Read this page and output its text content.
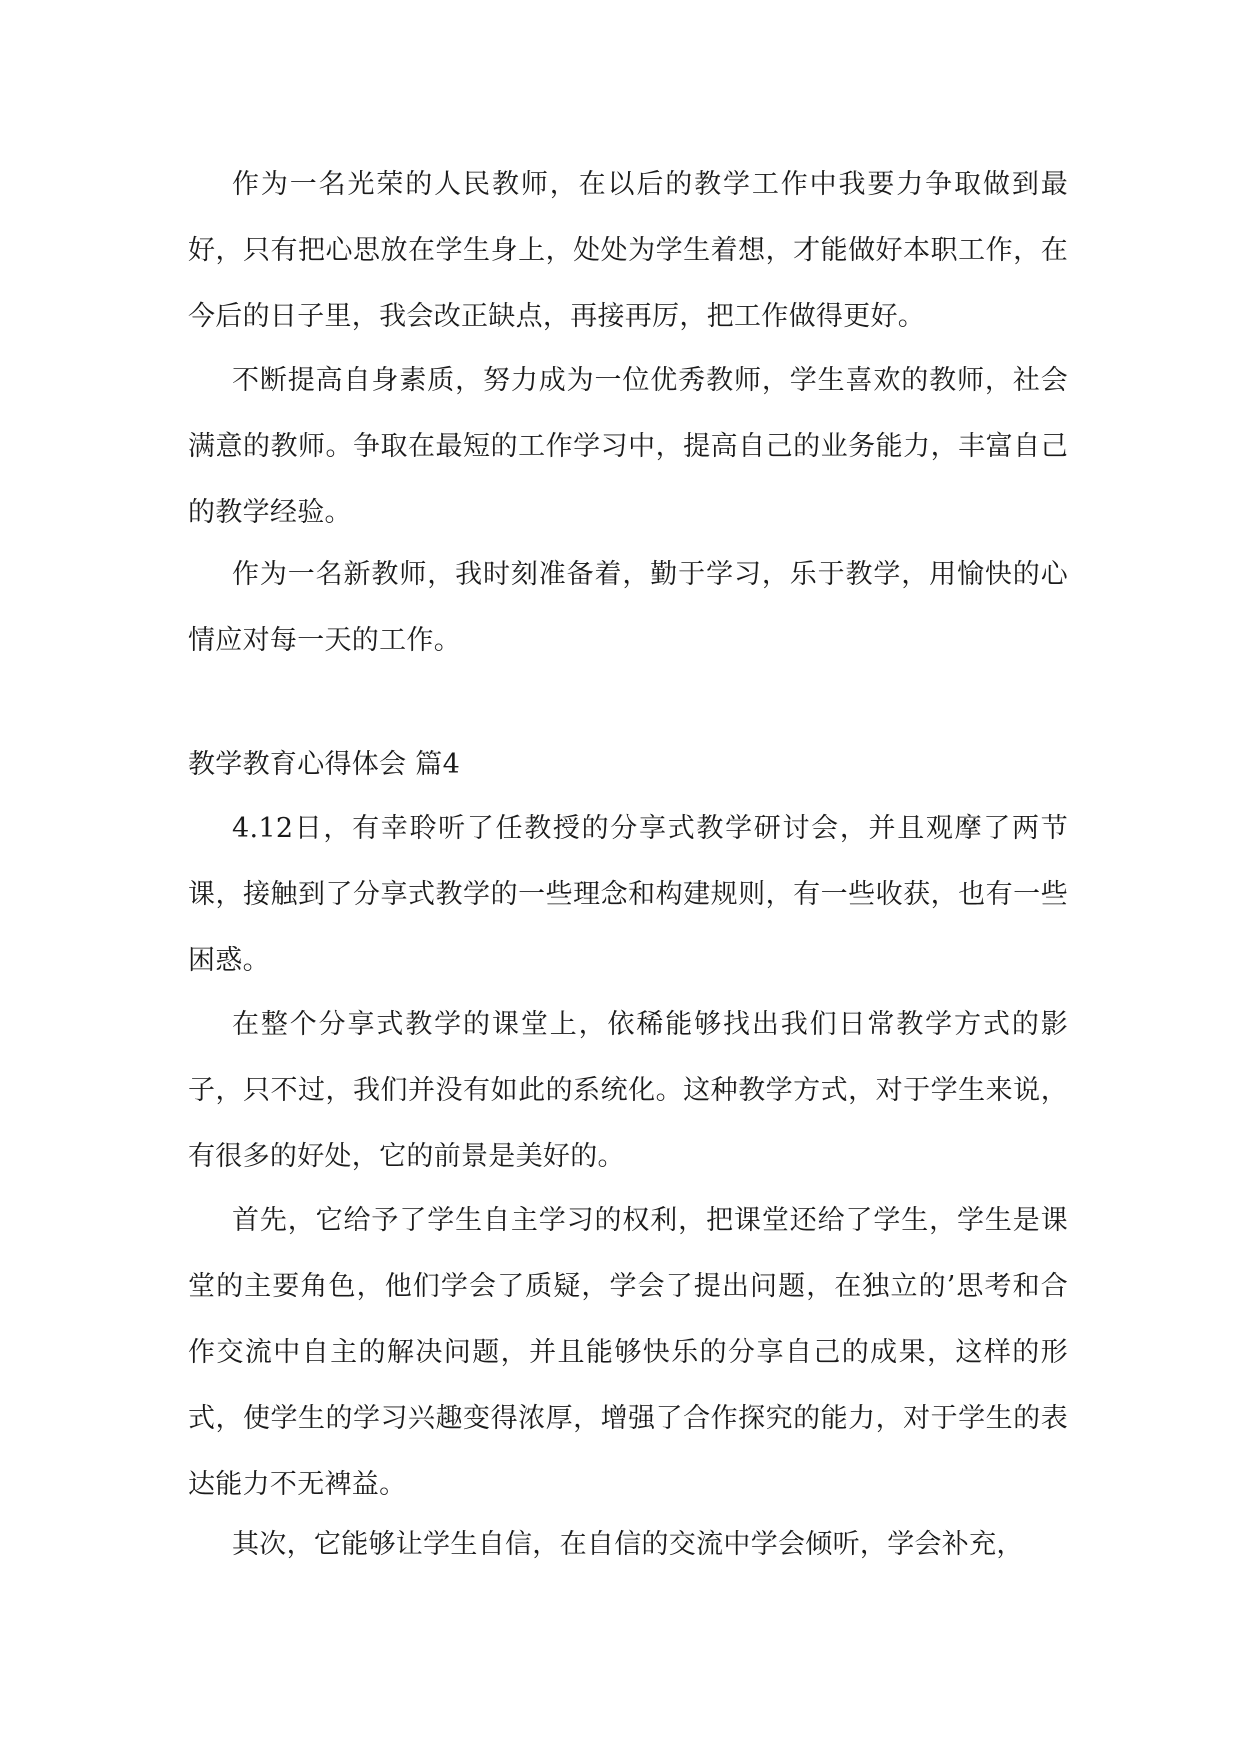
作为一名光荣的人民教师，在以后的教学工作中我要力争取做到最好，只有把心思放在学生身上，处处为学生着想，才能做好本职工作，在今后的日子里，我会改正缺点，再接再厉，把工作做得更好。

不断提高自身素质，努力成为一位优秀教师，学生喜欢的教师，社会满意的教师。争取在最短的工作学习中，提高自己的业务能力，丰富自己的教学经验。

作为一名新教师，我时刻准备着，勤于学习，乐于教学，用愉快的心情应对每一天的工作。

教学教育心得体会 篇4

4.12日，有幸聆听了任教授的分享式教学研讨会，并且观摩了两节课，接触到了分享式教学的一些理念和构建规则，有一些收获，也有一些困惑。

在整个分享式教学的课堂上，依稀能够找出我们日常教学方式的影子，只不过，我们并没有如此的系统化。这种教学方式，对于学生来说，有很多的好处，它的前景是美好的。

首先，它给予了学生自主学习的权利，把课堂还给了学生，学生是课堂的主要角色，他们学会了质疑，学会了提出问题，在独立的’思考和合作交流中自主的解决问题，并且能够快乐的分享自己的成果，这样的形式，使学生的学习兴趣变得浓厚，增强了合作探究的能力，对于学生的表达能力不无裨益。

其次，它能够让学生自信，在自信的交流中学会倾听，学会补充，
